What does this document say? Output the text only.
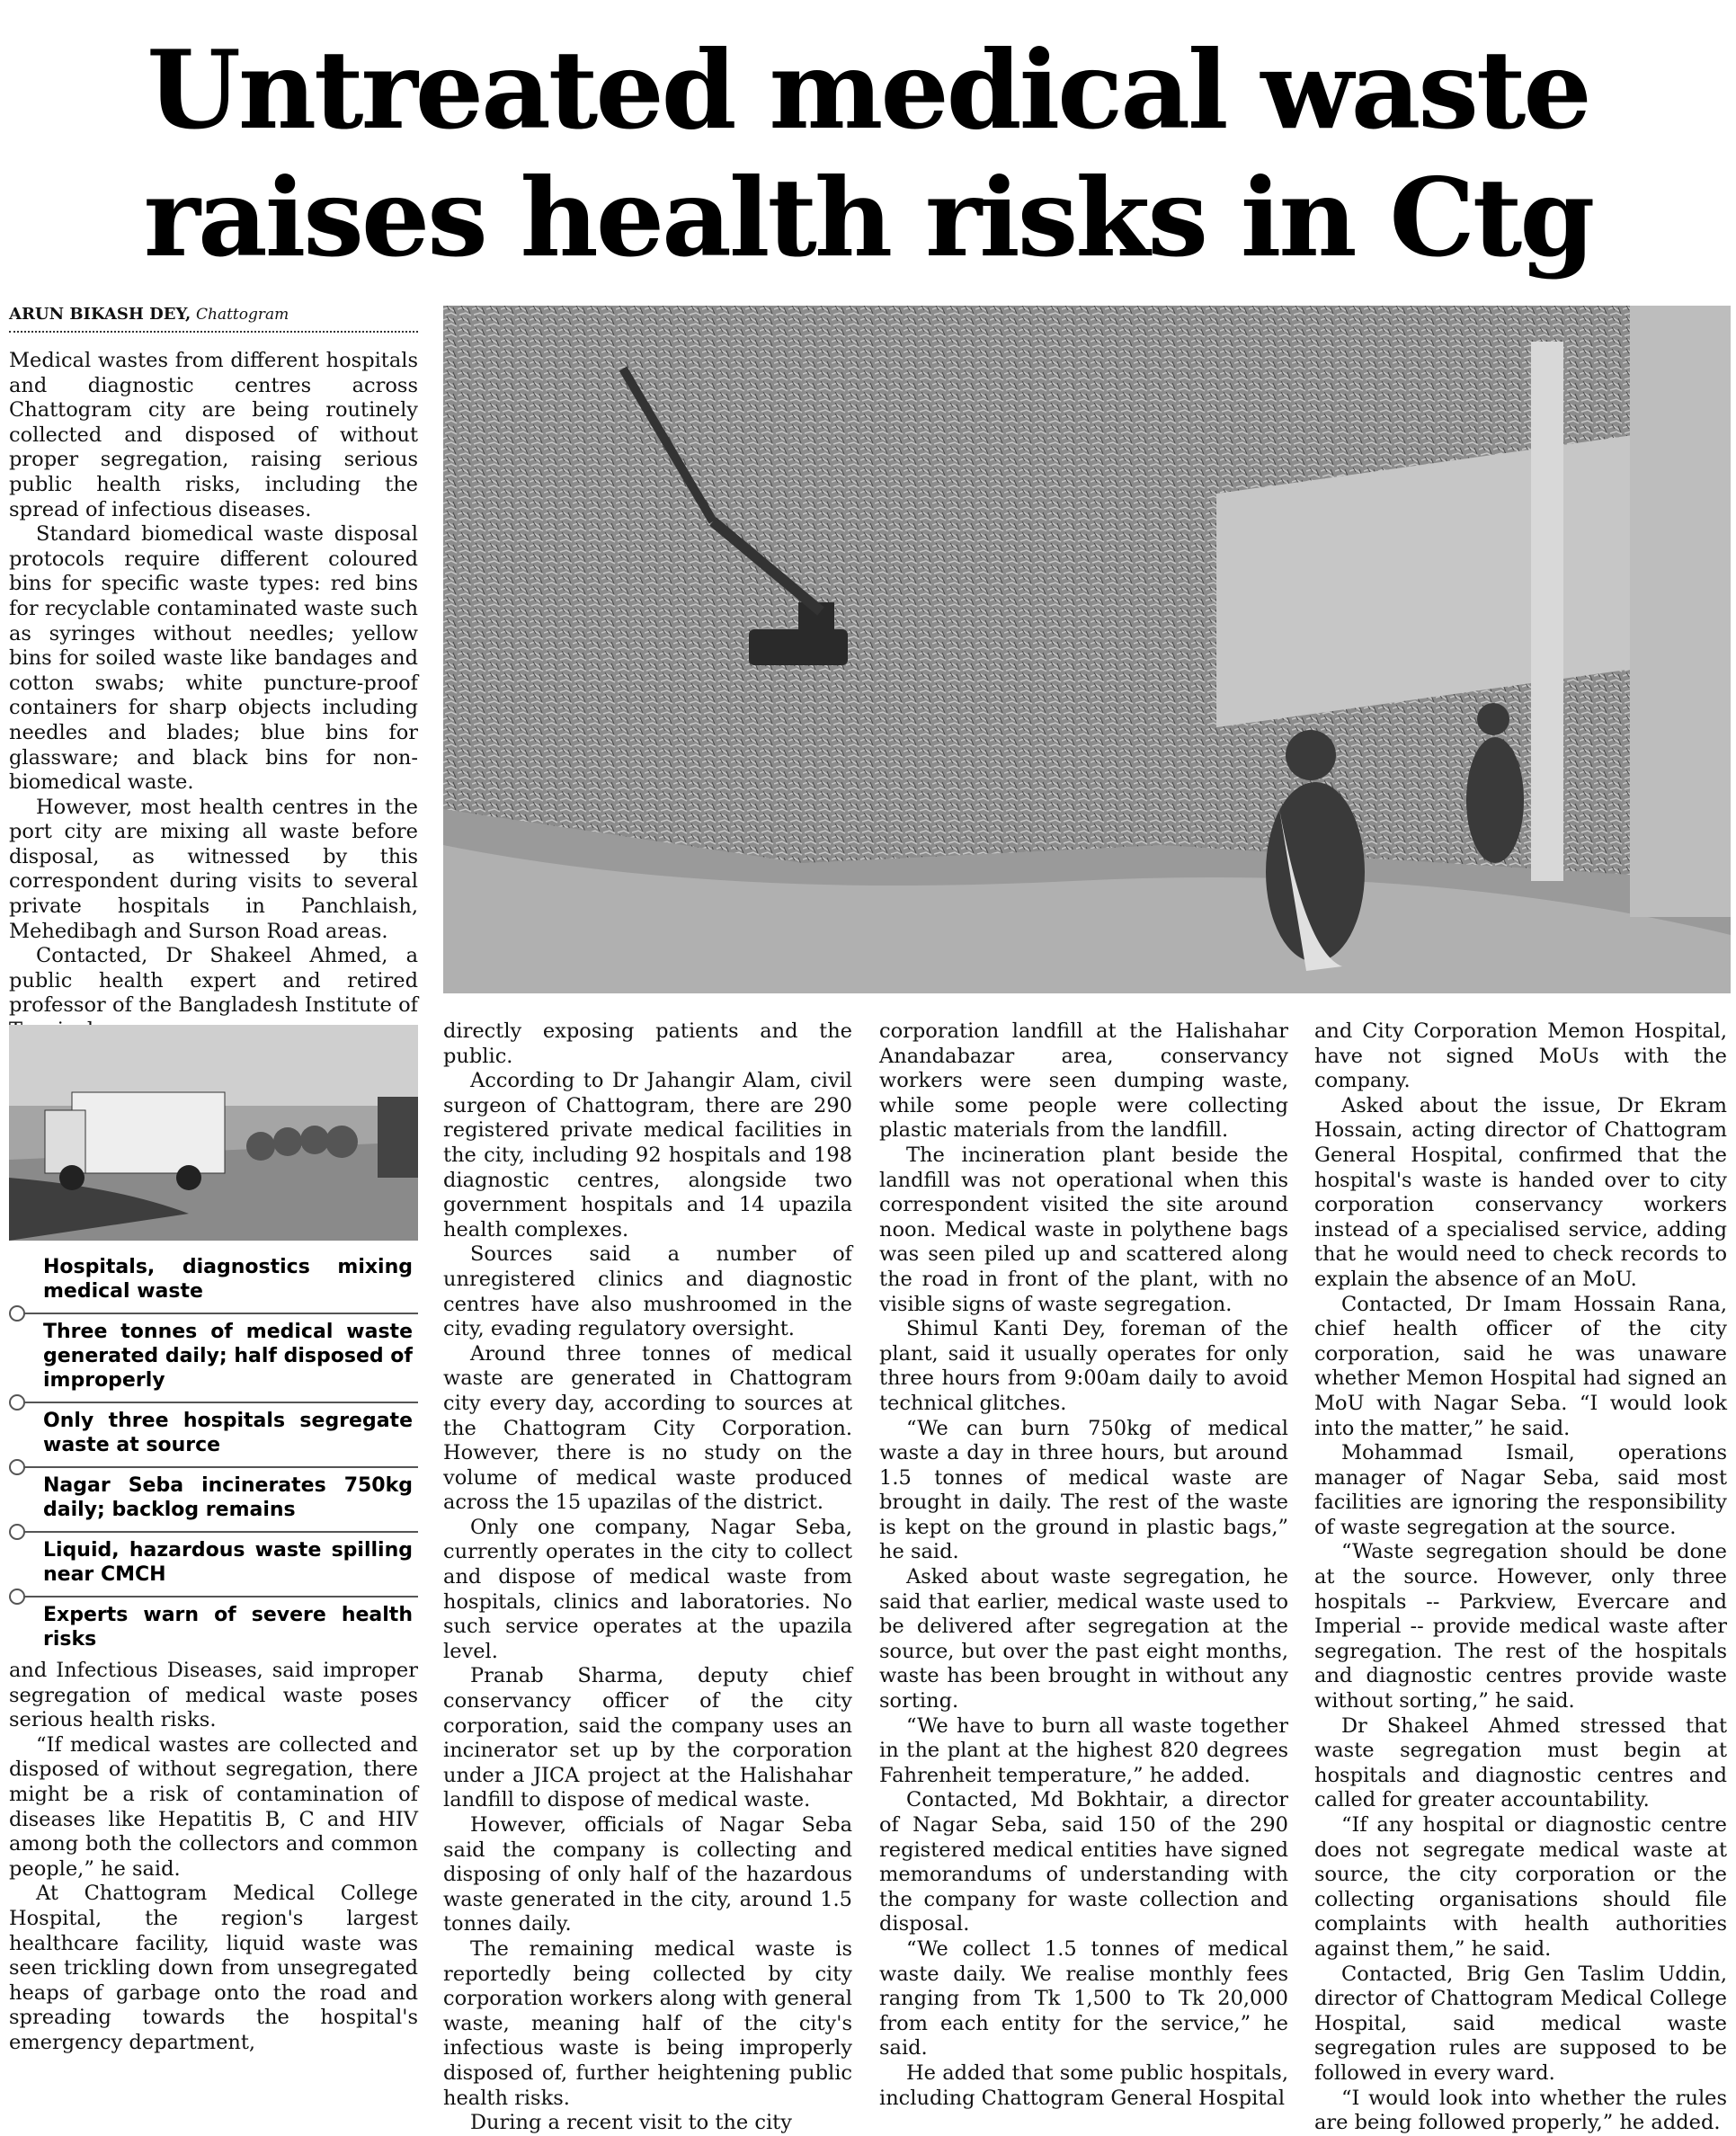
Untreated medical waste
raises health risks in Ctg
ARUN BIKASH DEY, Chattogram

Medical wastes from different hospitals and diagnostic centres across Chattogram city are being routinely collected and disposed of without proper segregation, raising serious public health risks, including the spread of infectious diseases.

Standard biomedical waste disposal protocols require different coloured bins for specific waste types: red bins for recyclable contaminated waste such as syringes without needles; yellow bins for soiled waste like bandages and cotton swabs; white puncture-proof containers for sharp objects including needles and blades; blue bins for glassware; and black bins for non-biomedical waste.

However, most health centres in the port city are mixing all waste before disposal, as witnessed by this correspondent during visits to several private hospitals in Panchlaish, Mehedibagh and Surson Road areas.

Contacted, Dr Shakeel Ahmed, a public health expert and retired professor of the Bangladesh Institute of

Hospitals, diagnostics mixing medical waste
Three tonnes of medical waste generated daily; half disposed of improperly
Only three hospitals segregate waste at source
Nagar Seba incinerates 750kg daily; backlog remains
Liquid, hazardous waste spilling near CMCH
Experts warn of severe health risks

and Infectious Diseases, said improper segregation of medical waste poses serious health risks.

“If medical wastes are collected and disposed of without segregation, there might be a risk of contamination of diseases like Hepatitis B, C and HIV among both the collectors and common people,” he said.

At Chattogram Medical College Hospital, the region's largest healthcare facility, liquid waste was seen trickling down from unsegregated heaps of garbage onto the road and spreading towards the hospital's emergency department,

directly exposing patients and the public.

According to Dr Jahangir Alam, civil surgeon of Chattogram, there are 290 registered private medical facilities in the city, including 92 hospitals and 198 diagnostic centres, alongside two government hospitals and 14 upazila health complexes.

Sources said a number of unregistered clinics and diagnostic centres have also mushroomed in the city, evading regulatory oversight.

Around three tonnes of medical waste are generated in Chattogram city every day, according to sources at the Chattogram City Corporation. However, there is no study on the volume of medical waste produced across the 15 upazilas of the district.

Only one company, Nagar Seba, currently operates in the city to collect and dispose of medical waste from hospitals, clinics and laboratories. No such service operates at the upazila level.

Pranab Sharma, deputy chief conservancy officer of the city corporation, said the company uses an incinerator set up by the corporation under a JICA project at the Halishahar landfill to dispose of medical waste.

However, officials of Nagar Seba said the company is collecting and disposing of only half of the hazardous waste generated in the city, around 1.5 tonnes daily.

The remaining medical waste is reportedly being collected by city corporation workers along with general waste, meaning half of the city's infectious waste is being improperly disposed of, further heightening public health risks.

During a recent visit to the city

corporation landfill at the Halishahar Anandabazar area, conservancy workers were seen dumping waste, while some people were collecting plastic materials from the landfill.

The incineration plant beside the landfill was not operational when this correspondent visited the site around noon. Medical waste in polythene bags was seen piled up and scattered along the road in front of the plant, with no visible signs of waste segregation.

Shimul Kanti Dey, foreman of the plant, said it usually operates for only three hours from 9:00am daily to avoid technical glitches.

“We can burn 750kg of medical waste a day in three hours, but around 1.5 tonnes of medical waste are brought in daily. The rest of the waste is kept on the ground in plastic bags,” he said.

Asked about waste segregation, he said that earlier, medical waste used to be delivered after segregation at the source, but over the past eight months, waste has been brought in without any sorting.

“We have to burn all waste together in the plant at the highest 820 degrees Fahrenheit temperature,” he added.

Contacted, Md Bokhtair, a director of Nagar Seba, said 150 of the 290 registered medical entities have signed memorandums of understanding with the company for waste collection and disposal.

“We collect 1.5 tonnes of medical waste daily. We realise monthly fees ranging from Tk 1,500 to Tk 20,000 from each entity for the service,” he said.

He added that some public hospitals, including Chattogram General Hospital

and City Corporation Memon Hospital, have not signed MoUs with the company.

Asked about the issue, Dr Ekram Hossain, acting director of Chattogram General Hospital, confirmed that the hospital's waste is handed over to city corporation conservancy workers instead of a specialised service, adding that he would need to check records to explain the absence of an MoU.

Contacted, Dr Imam Hossain Rana, chief health officer of the city corporation, said he was unaware whether Memon Hospital had signed an MoU with Nagar Seba. “I would look into the matter,” he said.

Mohammad Ismail, operations manager of Nagar Seba, said most facilities are ignoring the responsibility of waste segregation at the source.

“Waste segregation should be done at the source. However, only three hospitals -- Parkview, Evercare and Imperial -- provide medical waste after segregation. The rest of the hospitals and diagnostic centres provide waste without sorting,” he said.

Dr Shakeel Ahmed stressed that waste segregation must begin at hospitals and diagnostic centres and called for greater accountability.

“If any hospital or diagnostic centre does not segregate medical waste at source, the city corporation or the collecting organisations should file complaints with health authorities against them,” he said.

Contacted, Brig Gen Taslim Uddin, director of Chattogram Medical College Hospital, said medical waste segregation rules are supposed to be followed in every ward.

“I would look into whether the rules are being followed properly,” he added.
